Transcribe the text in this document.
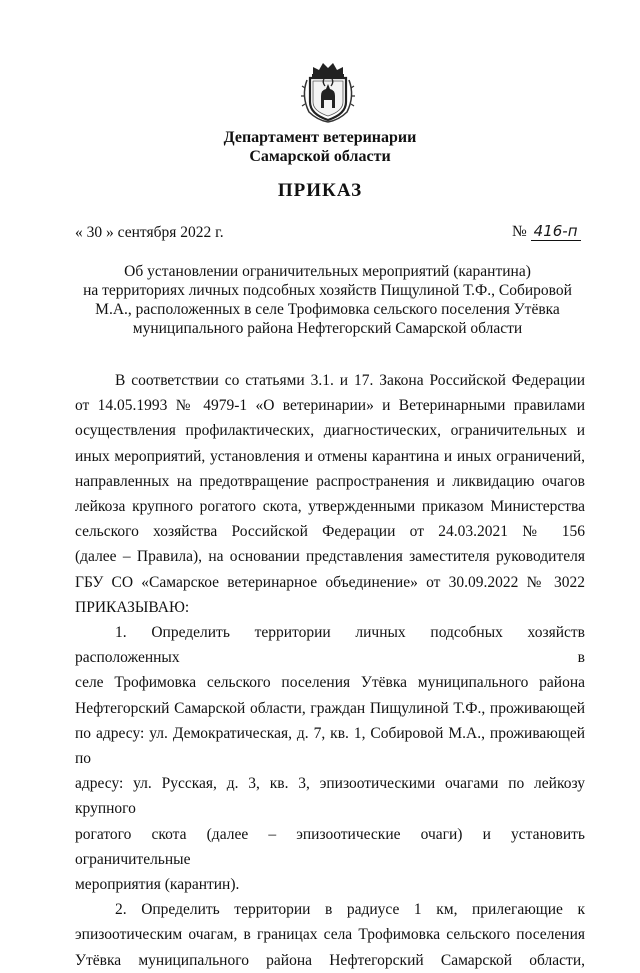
Департамент ветеринарии
Самарской области
ПРИКАЗ
« 30 » сентября 2022 г.	№ 416-п
Об установлении ограничительных мероприятий (карантина)
на территориях личных подсобных хозяйств Пищулиной Т.Ф., Собировой
М.А., расположенных в селе Трофимовка сельского поселения Утёвка
муниципального района Нефтегорский Самарской области

В соответствии со статьями 3.1. и 17. Закона Российской Федерации

от 14.05.1993 № 4979-1 «О ветеринарии» и Ветеринарными правилами

осуществления профилактических, диагностических, ограничительных и

иных мероприятий, установления и отмены карантина и иных ограничений,

направленных на предотвращение распространения и ликвидацию очагов

лейкоза крупного рогатого скота, утвержденными приказом Министерства

сельского хозяйства Российской Федерации от 24.03.2021 № 156

(далее – Правила), на основании представления заместителя руководителя

ГБУ СО «Самарское ветеринарное объединение» от 30.09.2022 № 3022

ПРИКАЗЫВАЮ:

1. Определить территории личных подсобных хозяйств расположенных в

селе Трофимовка сельского поселения Утёвка муниципального района

Нефтегорский Самарской области, граждан Пищулиной Т.Ф., проживающей

по адресу: ул. Демократическая, д. 7, кв. 1, Собировой М.А., проживающей по

адресу: ул. Русская, д. 3, кв. 3, эпизоотическими очагами по лейкозу крупного

рогатого скота (далее – эпизоотические очаги) и установить ограничительные

мероприятия (карантин).

2. Определить территории в радиусе 1 км, прилегающие к

эпизоотическим очагам, в границах села Трофимовка сельского поселения

Утёвка муниципального района Нефтегорский Самарской области,
